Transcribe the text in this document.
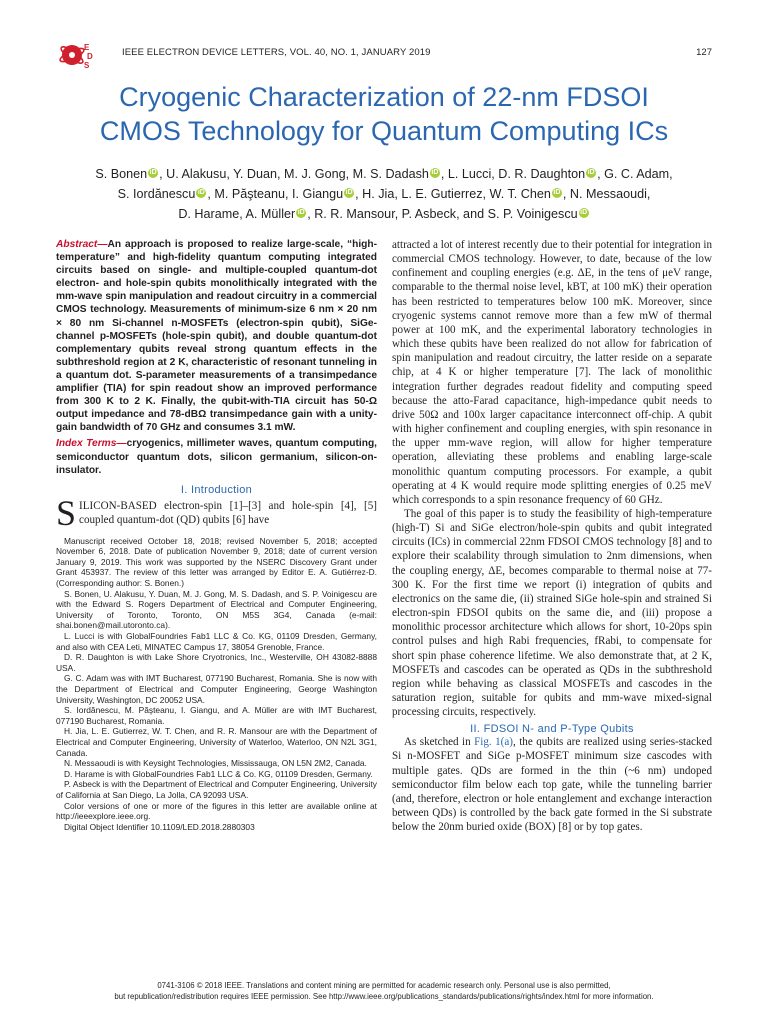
E
D
S
IEEE ELECTRON DEVICE LETTERS, VOL. 40, NO. 1, JANUARY 2019	127
Cryogenic Characterization of 22-nm FDSOI
CMOS Technology for Quantum Computing ICs
S. Bonen iD , U. Alakusu, Y. Duan, M. J. Gong, M. S. Dadash iD , L. Lucci, D. R. Daughton iD , G. C. Adam,
S. Iordănescu iD , M. Păşteanu, I. Giangu iD , H. Jia, L. E. Gutierrez, W. T. Chen iD , N. Messaoudi,
D. Harame, A. Müller iD , R. R. Mansour, P. Asbeck, and S. P. Voinigescu iD

Abstract—An approach is proposed to realize large-scale, “high-temperature” and high-fidelity quantum computing integrated circuits based on single- and multiple-coupled quantum-dot electron- and hole-spin qubits monolithically integrated with the mm-wave spin manipulation and readout circuitry in a commercial CMOS technology. Measurements of minimum-size 6 nm × 20 nm × 80 nm Si-channel n-MOSFETs (electron-spin qubit), SiGe-channel p-MOSFETs (hole-spin qubit), and double quantum-dot complementary qubits reveal strong quantum effects in the subthreshold region at 2 K, characteristic of resonant tunneling in a quantum dot. S-parameter measurements of a transimpedance amplifier (TIA) for spin readout show an improved performance from 300 K to 2 K. Finally, the qubit-with-TIA circuit has 50-Ω output impedance and 78-dBΩ transimpedance gain with a unity-gain bandwidth of 70 GHz and consumes 3.1 mW.

Index Terms—cryogenics, millimeter waves, quantum computing, semiconductor quantum dots, silicon germanium, silicon-on-insulator.

I. Introduction

SILICON-BASED electron-spin [1]–[3] and hole-spin [4], [5] coupled quantum-dot (QD) qubits [6] have

Manuscript received October 18, 2018; revised November 5, 2018; accepted November 6, 2018. Date of publication November 9, 2018; date of current version January 9, 2019. This work was supported by the NSERC Discovery Grant under Grant 453937. The review of this letter was arranged by Editor E. A. Gutiérrez-D. (Corresponding author: S. Bonen.)

S. Bonen, U. Alakusu, Y. Duan, M. J. Gong, M. S. Dadash, and S. P. Voinigescu are with the Edward S. Rogers Department of Electrical and Computer Engineering, University of Toronto, Toronto, ON M5S 3G4, Canada (e-mail: shai.bonen@mail.utoronto.ca).

L. Lucci is with GlobalFoundries Fab1 LLC & Co. KG, 01109 Dresden, Germany, and also with CEA Leti, MINATEC Campus 17, 38054 Grenoble, France.

D. R. Daughton is with Lake Shore Cryotronics, Inc., Westerville, OH 43082-8888 USA.

G. C. Adam was with IMT Bucharest, 077190 Bucharest, Romania. She is now with the Department of Electrical and Computer Engineering, George Washington University, Washington, DC 20052 USA.

S. Iordănescu, M. Păşteanu, I. Giangu, and A. Müller are with IMT Bucharest, 077190 Bucharest, Romania.

H. Jia, L. E. Gutierrez, W. T. Chen, and R. R. Mansour are with the Department of Electrical and Computer Engineering, University of Waterloo, Waterloo, ON N2L 3G1, Canada.

N. Messaoudi is with Keysight Technologies, Mississauga, ON L5N 2M2, Canada.

D. Harame is with GlobalFoundries Fab1 LLC & Co. KG, 01109 Dresden, Germany.

P. Asbeck is with the Department of Electrical and Computer Engineering, University of California at San Diego, La Jolla, CA 92093 USA.

Color versions of one or more of the figures in this letter are available online at http://ieeexplore.ieee.org.

Digital Object Identifier 10.1109/LED.2018.2880303

attracted a lot of interest recently due to their potential for integration in commercial CMOS technology. However, to date, because of the low confinement and coupling energies (e.g. ΔE, in the tens of μeV range, comparable to the thermal noise level, kBT, at 100 mK) their operation has been restricted to temperatures below 100 mK. Moreover, since cryogenic systems cannot remove more than a few mW of thermal power at 100 mK, and the experimental laboratory technologies in which these qubits have been realized do not allow for fabrication of spin manipulation and readout circuitry, the latter reside on a separate chip, at 4 K or higher temperature [7]. The lack of monolithic integration further degrades readout fidelity and computing speed because the atto-Farad capacitance, high-impedance qubit needs to drive 50Ω and 100x larger capacitance interconnect off-chip. A qubit with higher confinement and coupling energies, with spin resonance in the upper mm-wave region, will allow for higher temperature operation, alleviating these problems and enabling large-scale monolithic quantum computing processors. For example, a qubit operating at 4 K would require mode splitting energies of 0.25 meV which corresponds to a spin resonance frequency of 60 GHz.

The goal of this paper is to study the feasibility of high-temperature (high-T) Si and SiGe electron/hole-spin qubits and qubit integrated circuits (ICs) in commercial 22nm FDSOI CMOS technology [8] and to explore their scalability through simulation to 2nm dimensions, when the coupling energy, ΔE, becomes comparable to thermal noise at 77-300 K. For the first time we report (i) integration of qubits and electronics on the same die, (ii) strained SiGe hole-spin and strained Si electron-spin FDSOI qubits on the same die, and (iii) propose a monolithic processor architecture which allows for short, 10-20ps spin control pulses and high Rabi frequencies, fRabi, to compensate for short spin phase coherence lifetime. We also demonstrate that, at 2 K, MOSFETs and cascodes can be operated as QDs in the subthreshold region while behaving as classical MOSFETs and cascodes in the saturation region, suitable for qubits and mm-wave mixed-signal processing circuits, respectively.

II. FDSOI N- and P-Type Qubits

As sketched in Fig. 1(a), the qubits are realized using series-stacked Si n-MOSFET and SiGe p-MOSFET minimum size cascodes with multiple gates. QDs are formed in the thin (~6 nm) undoped semiconductor film below each top gate, while the tunneling barrier (and, therefore, electron or hole entanglement and exchange interaction between QDs) is controlled by the back gate formed in the Si substrate below the 20nm buried oxide (BOX) [8] or by top gates.

0741-3106 © 2018 IEEE. Translations and content mining are permitted for academic research only. Personal use is also permitted,
but republication/redistribution requires IEEE permission. See http://www.ieee.org/publications_standards/publications/rights/index.html for more information.
